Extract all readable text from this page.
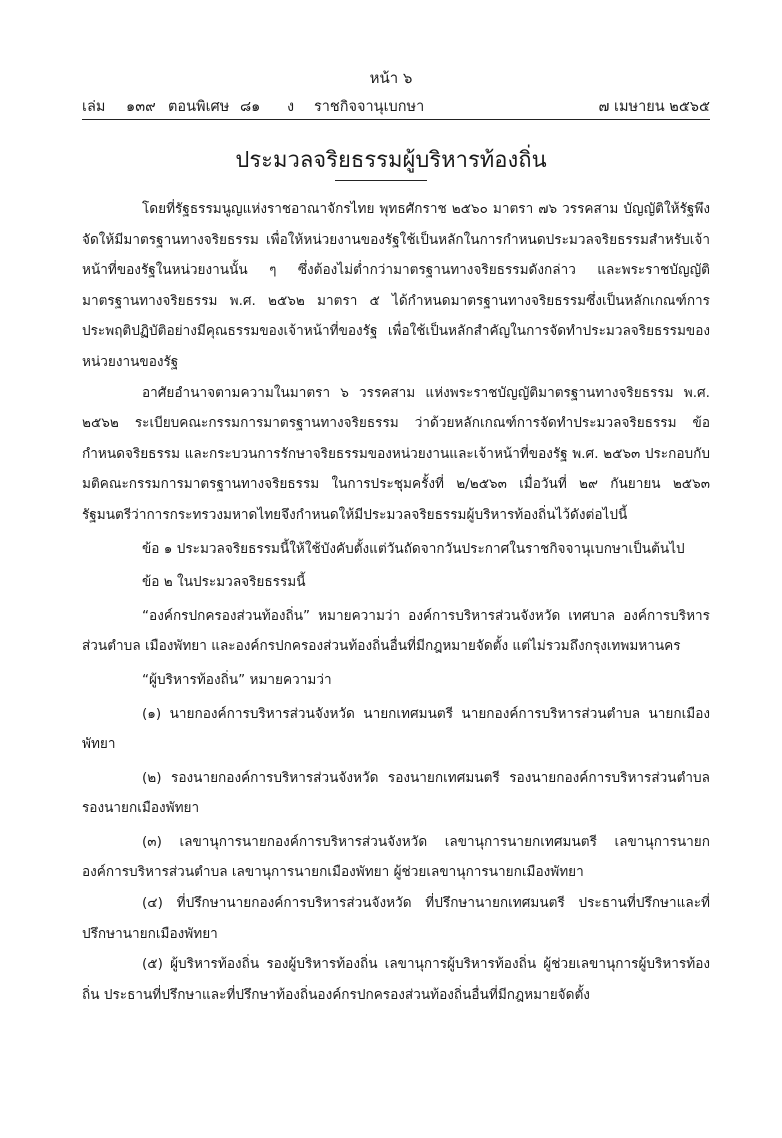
หน้า ๖
เล่ม ๑๓๙ ตอนพิเศษ ๘๑ ง ราชกิจจานุเบกษา	๗ เมษายน ๒๕๖๕
ประมวลจริยธรรมผู้บริหารท้องถิ่น

โดยที่รัฐธรรมนูญแห่งราชอาณาจักรไทย พุทธศักราช ๒๕๖๐ มาตรา ๗๖ วรรคสาม บัญญัติให้รัฐพึงจัดให้มีมาตรฐานทางจริยธรรม เพื่อให้หน่วยงานของรัฐใช้เป็นหลักในการกำหนดประมวลจริยธรรมสำหรับเจ้าหน้าที่ของรัฐในหน่วยงานนั้น ๆ ซึ่งต้องไม่ต่ำกว่ามาตรฐานทางจริยธรรมดังกล่าว และพระราชบัญญัติมาตรฐานทางจริยธรรม พ.ศ. ๒๕๖๒ มาตรา ๕ ได้กำหนดมาตรฐานทางจริยธรรมซึ่งเป็นหลักเกณฑ์การประพฤติปฏิบัติอย่างมีคุณธรรมของเจ้าหน้าที่ของรัฐ เพื่อใช้เป็นหลักสำคัญในการจัดทำประมวลจริยธรรมของหน่วยงานของรัฐ

อาศัยอำนาจตามความในมาตรา ๖ วรรคสาม แห่งพระราชบัญญัติมาตรฐานทางจริยธรรม พ.ศ. ๒๕๖๒ ระเบียบคณะกรรมการมาตรฐานทางจริยธรรม ว่าด้วยหลักเกณฑ์การจัดทำประมวลจริยธรรม ข้อกำหนดจริยธรรม และกระบวนการรักษาจริยธรรมของหน่วยงานและเจ้าหน้าที่ของรัฐ พ.ศ. ๒๕๖๓ ประกอบกับมติคณะกรรมการมาตรฐานทางจริยธรรม ในการประชุมครั้งที่ ๒/๒๕๖๓ เมื่อวันที่ ๒๙ กันยายน ๒๕๖๓ รัฐมนตรีว่าการกระทรวงมหาดไทยจึงกำหนดให้มีประมวลจริยธรรมผู้บริหารท้องถิ่นไว้ดังต่อไปนี้

ข้อ ๑ ประมวลจริยธรรมนี้ให้ใช้บังคับตั้งแต่วันถัดจากวันประกาศในราชกิจจานุเบกษาเป็นต้นไป

ข้อ ๒ ในประมวลจริยธรรมนี้

“องค์กรปกครองส่วนท้องถิ่น” หมายความว่า องค์การบริหารส่วนจังหวัด เทศบาล องค์การบริหารส่วนตำบล เมืองพัทยา และองค์กรปกครองส่วนท้องถิ่นอื่นที่มีกฎหมายจัดตั้ง แต่ไม่รวมถึงกรุงเทพมหานคร

“ผู้บริหารท้องถิ่น” หมายความว่า

(๑) นายกองค์การบริหารส่วนจังหวัด นายกเทศมนตรี นายกองค์การบริหารส่วนตำบล นายกเมืองพัทยา

(๒) รองนายกองค์การบริหารส่วนจังหวัด รองนายกเทศมนตรี รองนายกองค์การบริหารส่วนตำบล รองนายกเมืองพัทยา

(๓) เลขานุการนายกองค์การบริหารส่วนจังหวัด เลขานุการนายกเทศมนตรี เลขานุการนายกองค์การบริหารส่วนตำบล เลขานุการนายกเมืองพัทยา ผู้ช่วยเลขานุการนายกเมืองพัทยา

(๔) ที่ปรึกษานายกองค์การบริหารส่วนจังหวัด ที่ปรึกษานายกเทศมนตรี ประธานที่ปรึกษาและที่ปรึกษานายกเมืองพัทยา

(๕) ผู้บริหารท้องถิ่น รองผู้บริหารท้องถิ่น เลขานุการผู้บริหารท้องถิ่น ผู้ช่วยเลขานุการผู้บริหารท้องถิ่น ประธานที่ปรึกษาและที่ปรึกษาท้องถิ่นองค์กรปกครองส่วนท้องถิ่นอื่นที่มีกฎหมายจัดตั้ง
